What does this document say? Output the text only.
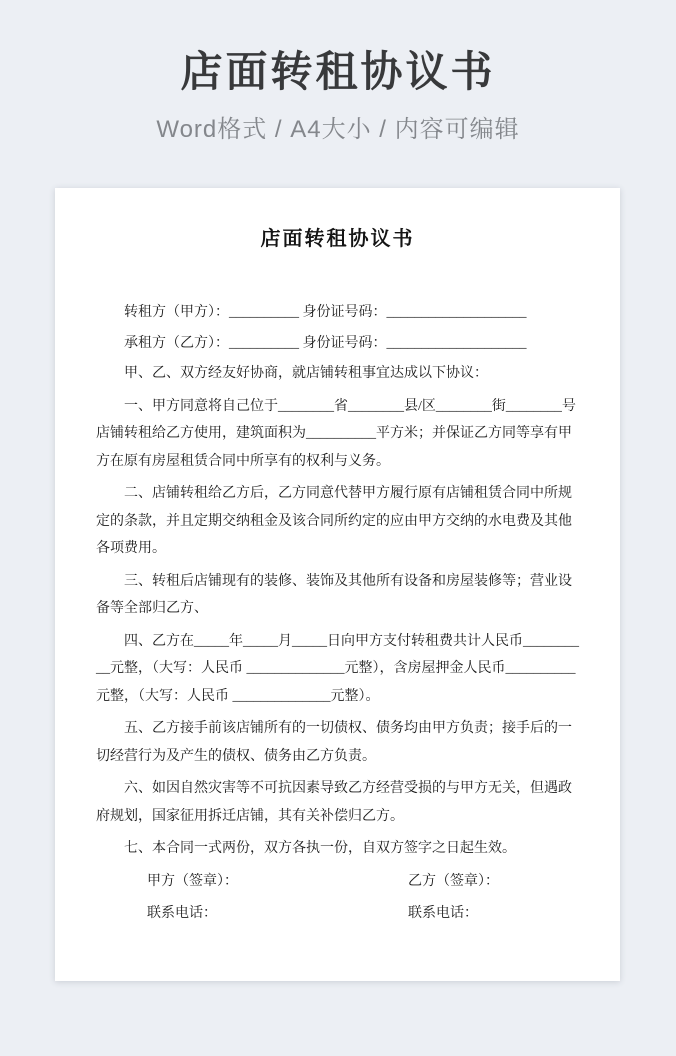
店面转租协议书
Word格式 / A4大小 / 内容可编辑
店面转租协议书

转租方（甲方）：__________ 身份证号码：____________________

承租方（乙方）：__________ 身份证号码：____________________

甲、乙、双方经友好协商，就店铺转租事宜达成以下协议：

一、甲方同意将自己位于________省________县/区________街________号店铺转租给乙方使用，建筑面积为__________平方米；并保证乙方同等享有甲方在原有房屋租赁合同中所享有的权利与义务。

二、店铺转租给乙方后，乙方同意代替甲方履行原有店铺租赁合同中所规定的条款，并且定期交纳租金及该合同所约定的应由甲方交纳的水电费及其他各项费用。

三、转租后店铺现有的装修、装饰及其他所有设备和房屋装修等；营业设备等全部归乙方、

四、乙方在_____年_____月_____日向甲方支付转租费共计人民币__________元整，（大写：人民币 ______________元整），含房屋押金人民币__________元整，（大写：人民币 ______________元整）。

五、乙方接手前该店铺所有的一切债权、债务均由甲方负责；接手后的一切经营行为及产生的债权、债务由乙方负责。

六、如因自然灾害等不可抗因素导致乙方经营受损的与甲方无关，但遇政府规划，国家征用拆迁店铺，其有关补偿归乙方。

七、本合同一式两份，双方各执一份，自双方签字之日起生效。

甲方（签章）：	乙方（签章）：
联系电话：	联系电话：
